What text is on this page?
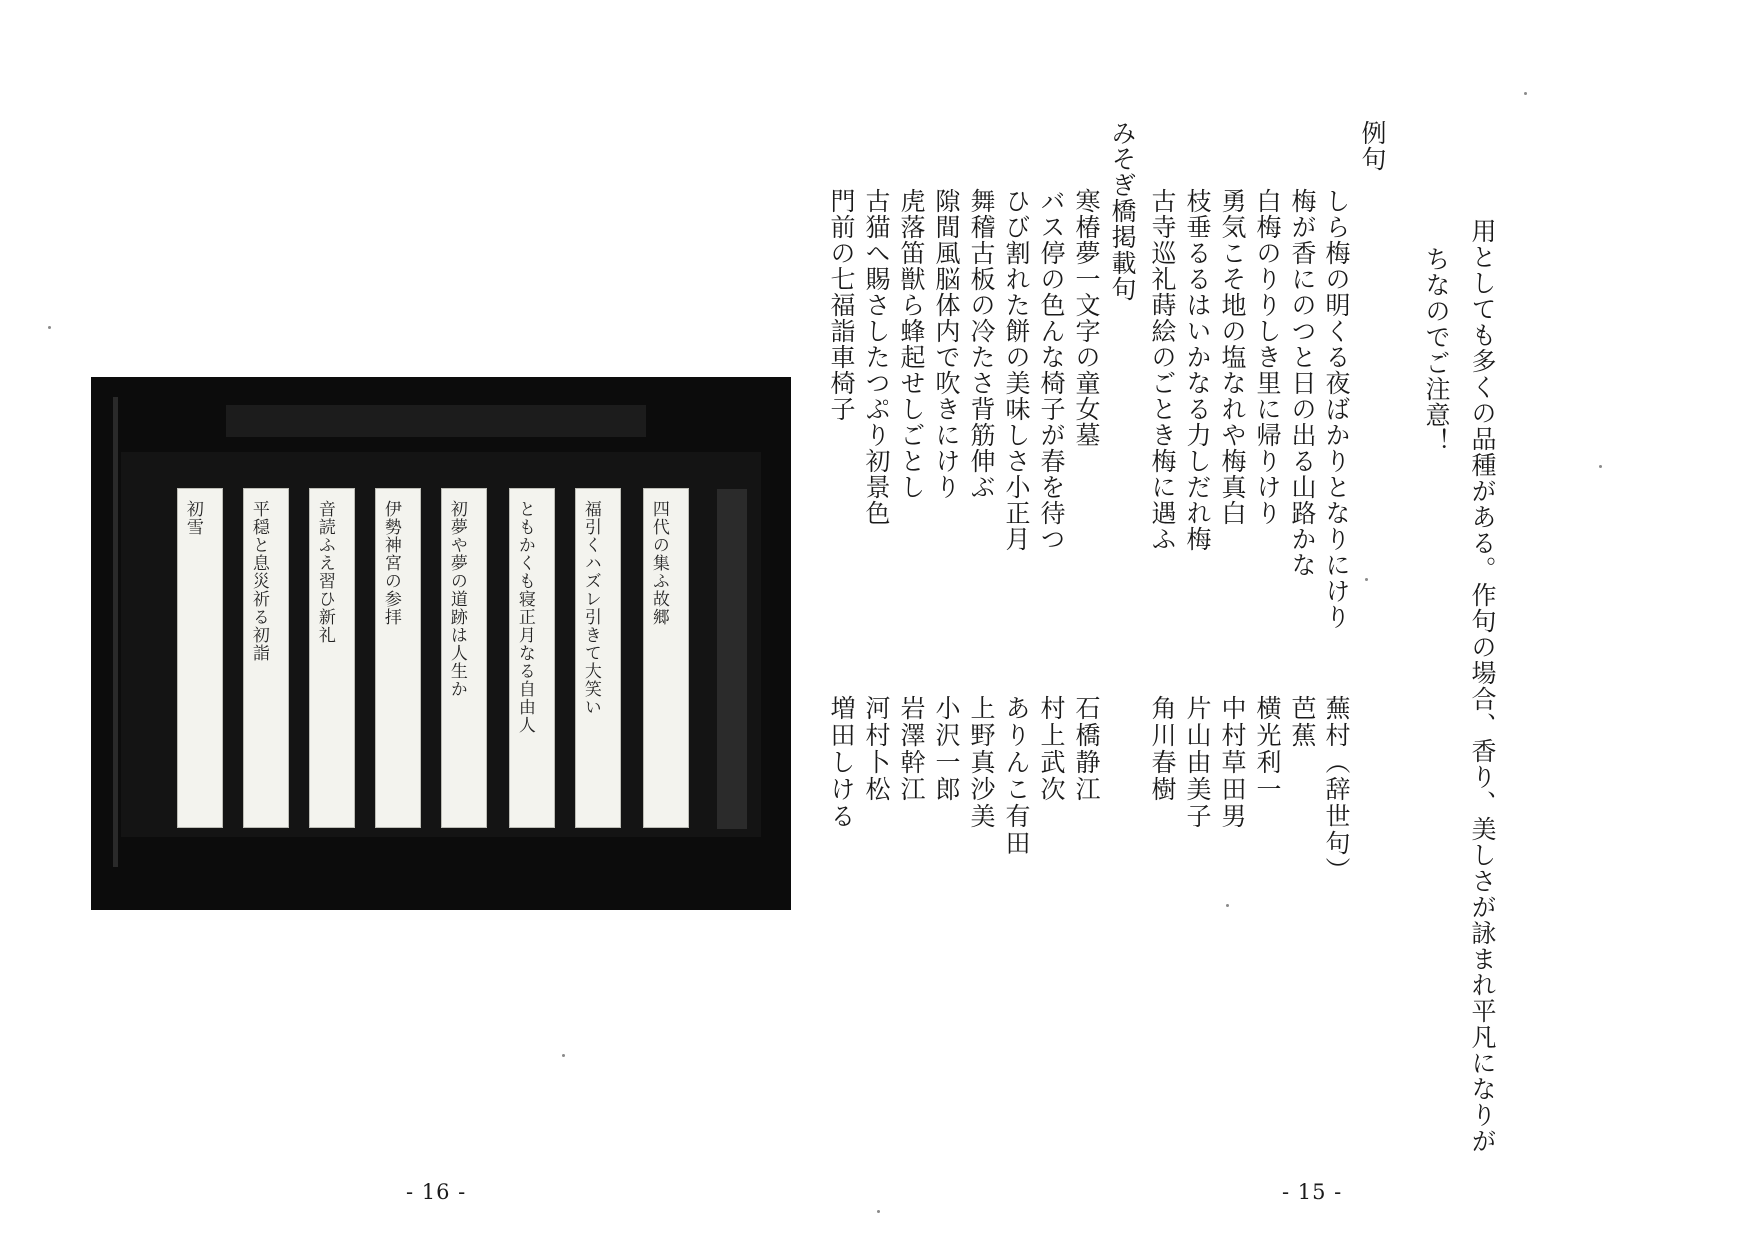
用としても多くの品種がある。作句の場合、香り、美しさが詠まれ平凡になりが
ちなのでご注意！
例句
しら梅の明くる夜ばかりとなりにけり
梅が香にのつと日の出る山路かな
白梅のりりしき里に帰りけり
勇気こそ地の塩なれや梅真白
枝垂るるはいかなる力しだれ梅
古寺巡礼蒔絵のごとき梅に遇ふ
蕪村（辞世句）
芭蕉
横光利一
中村草田男
片山由美子
角川春樹
みそぎ橋掲載句
寒椿夢一文字の童女墓
バス停の色んな椅子が春を待つ
ひび割れた餅の美味しさ小正月
舞稽古板の冷たさ背筋伸ぶ
隙間風脳体内で吹きにけり
虎落笛獣ら蜂起せしごとし
古猫へ賜さしたつぷり初景色
門前の七福詣車椅子
石橋静江
村上武次
ありんこ有田
上野真沙美
小沢一郎
岩澤幹江
河村卜松
増田しける
- 15 -
四代の集ふ故郷
福引くハズレ引きて大笑い
ともかくも寝正月なる自由人
初夢や夢の道跡は人生か
伊勢神宮の参拝
音読ふえ習ひ新礼
平穏と息災祈る初詣
初雪
- 16 -
